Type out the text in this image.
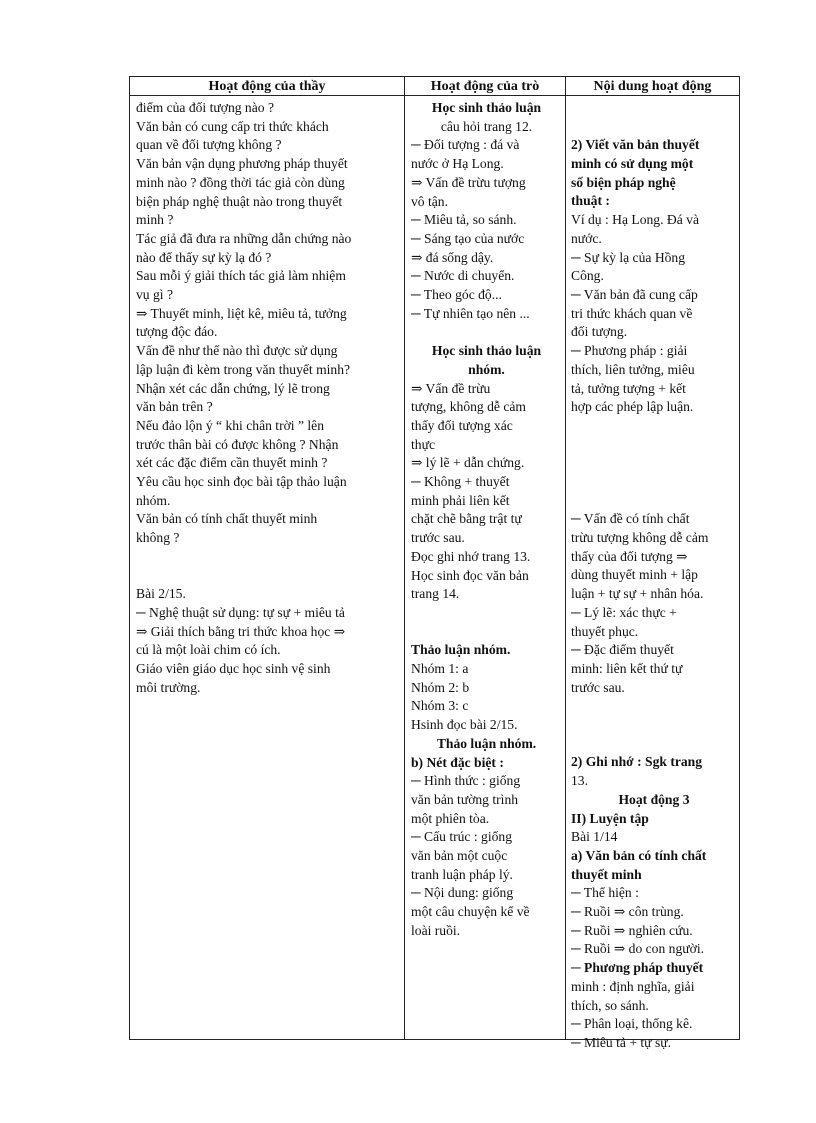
Hoạt động của thầy	Hoạt động của trò	Nội dung hoạt động
điểm của đối tượng nào ?
Văn bản có cung cấp tri thức khách
quan về đối tượng không ?
Văn bản vận dụng phương pháp thuyết
minh nào ? đồng thời tác giả còn dùng
biện pháp nghệ thuật nào trong thuyết
minh ?
Tác giả đã đưa ra những dẫn chứng nào
nào để thấy sự kỳ lạ đó ?
Sau mỗi ý giải thích tác giả làm nhiệm
vụ gì ?
⇒ Thuyết minh, liệt kê, miêu tả, tưởng
tượng độc đáo.
Vấn đề như thế nào thì được sử dụng
lập luận đi kèm trong văn thuyết minh?
Nhận xét các dẫn chứng, lý lẽ trong
văn bản trên ?
Nếu đảo lộn ý “ khi chân trời ” lên
trước thân bài có được không ? Nhận
xét các đặc điểm cần thuyết minh ?
Yêu cầu học sinh đọc bài tập thảo luận
nhóm.
Văn bản có tính chất thuyết minh
không ?
Bài 2/15.
─ Nghệ thuật sử dụng: tự sự + miêu tả
⇒ Giải thích bằng tri thức khoa học ⇒
cú là một loài chim có ích.
Giáo viên giáo dục học sinh vệ sinh
môi trường.
Học sinh thảo luận
câu hỏi trang 12.
─ Đối tượng : đá và
nước ở Hạ Long.
⇒ Vấn đề trừu tượng
vô tận.
─ Miêu tả, so sánh.
─ Sáng tạo của nước
⇒ đá sống dậy.
─ Nước di chuyển.
─ Theo góc độ...
─ Tự nhiên tạo nên ...
Học sinh thảo luận
nhóm.
⇒ Vấn đề trừu
tượng, không dễ cảm
thấy đối tượng xác
thực
⇒ lý lẽ + dẫn chứng.
─ Không + thuyết
minh phải liên kết
chặt chẽ bằng trật tự
trước sau.
Đọc ghi nhớ trang 13.
Học sinh đọc văn bản
trang 14.
Thảo luận nhóm.
Nhóm 1: a
Nhóm 2: b
Nhóm 3: c
Hsinh đọc bài 2/15.
Thảo luận nhóm.
b) Nét đặc biệt :
─ Hình thức : giống
văn bản tường trình
một phiên tòa.
─ Cấu trúc : giống
văn bản một cuộc
tranh luận pháp lý.
─ Nội dung: giống
một câu chuyện kể về
loài ruồi.
2) Viết văn bản thuyết
minh có sử dụng một
số biện pháp nghệ
thuật :
Ví dụ : Hạ Long. Đá và
nước.
─ Sự kỳ lạ của Hồng
Công.
─ Văn bản đã cung cấp
tri thức khách quan về
đối tượng.
─ Phương pháp : giải
thích, liên tưởng, miêu
tả, tưởng tượng + kết
hợp các phép lập luận.
─ Vấn đề có tính chất
trừu tượng không dễ cảm
thấy của đối tượng ⇒
dùng thuyết minh + lập
luận + tự sự + nhân hóa.
─ Lý lẽ: xác thực +
thuyết phục.
─ Đặc điểm thuyết
minh: liên kết thứ tự
trước sau.
2) Ghi nhớ : Sgk trang
13.
Hoạt động 3
II) Luyện tập
Bài 1/14
a) Văn bản có tính chất
thuyết minh
─ Thể hiện :
─ Ruồi ⇒ côn trùng.
─ Ruồi ⇒ nghiên cứu.
─ Ruồi ⇒ do con người.
─ Phương pháp thuyết
minh : định nghĩa, giải
thích, so sánh.
─ Phân loại, thống kê.
─ Miêu tả + tự sự.
